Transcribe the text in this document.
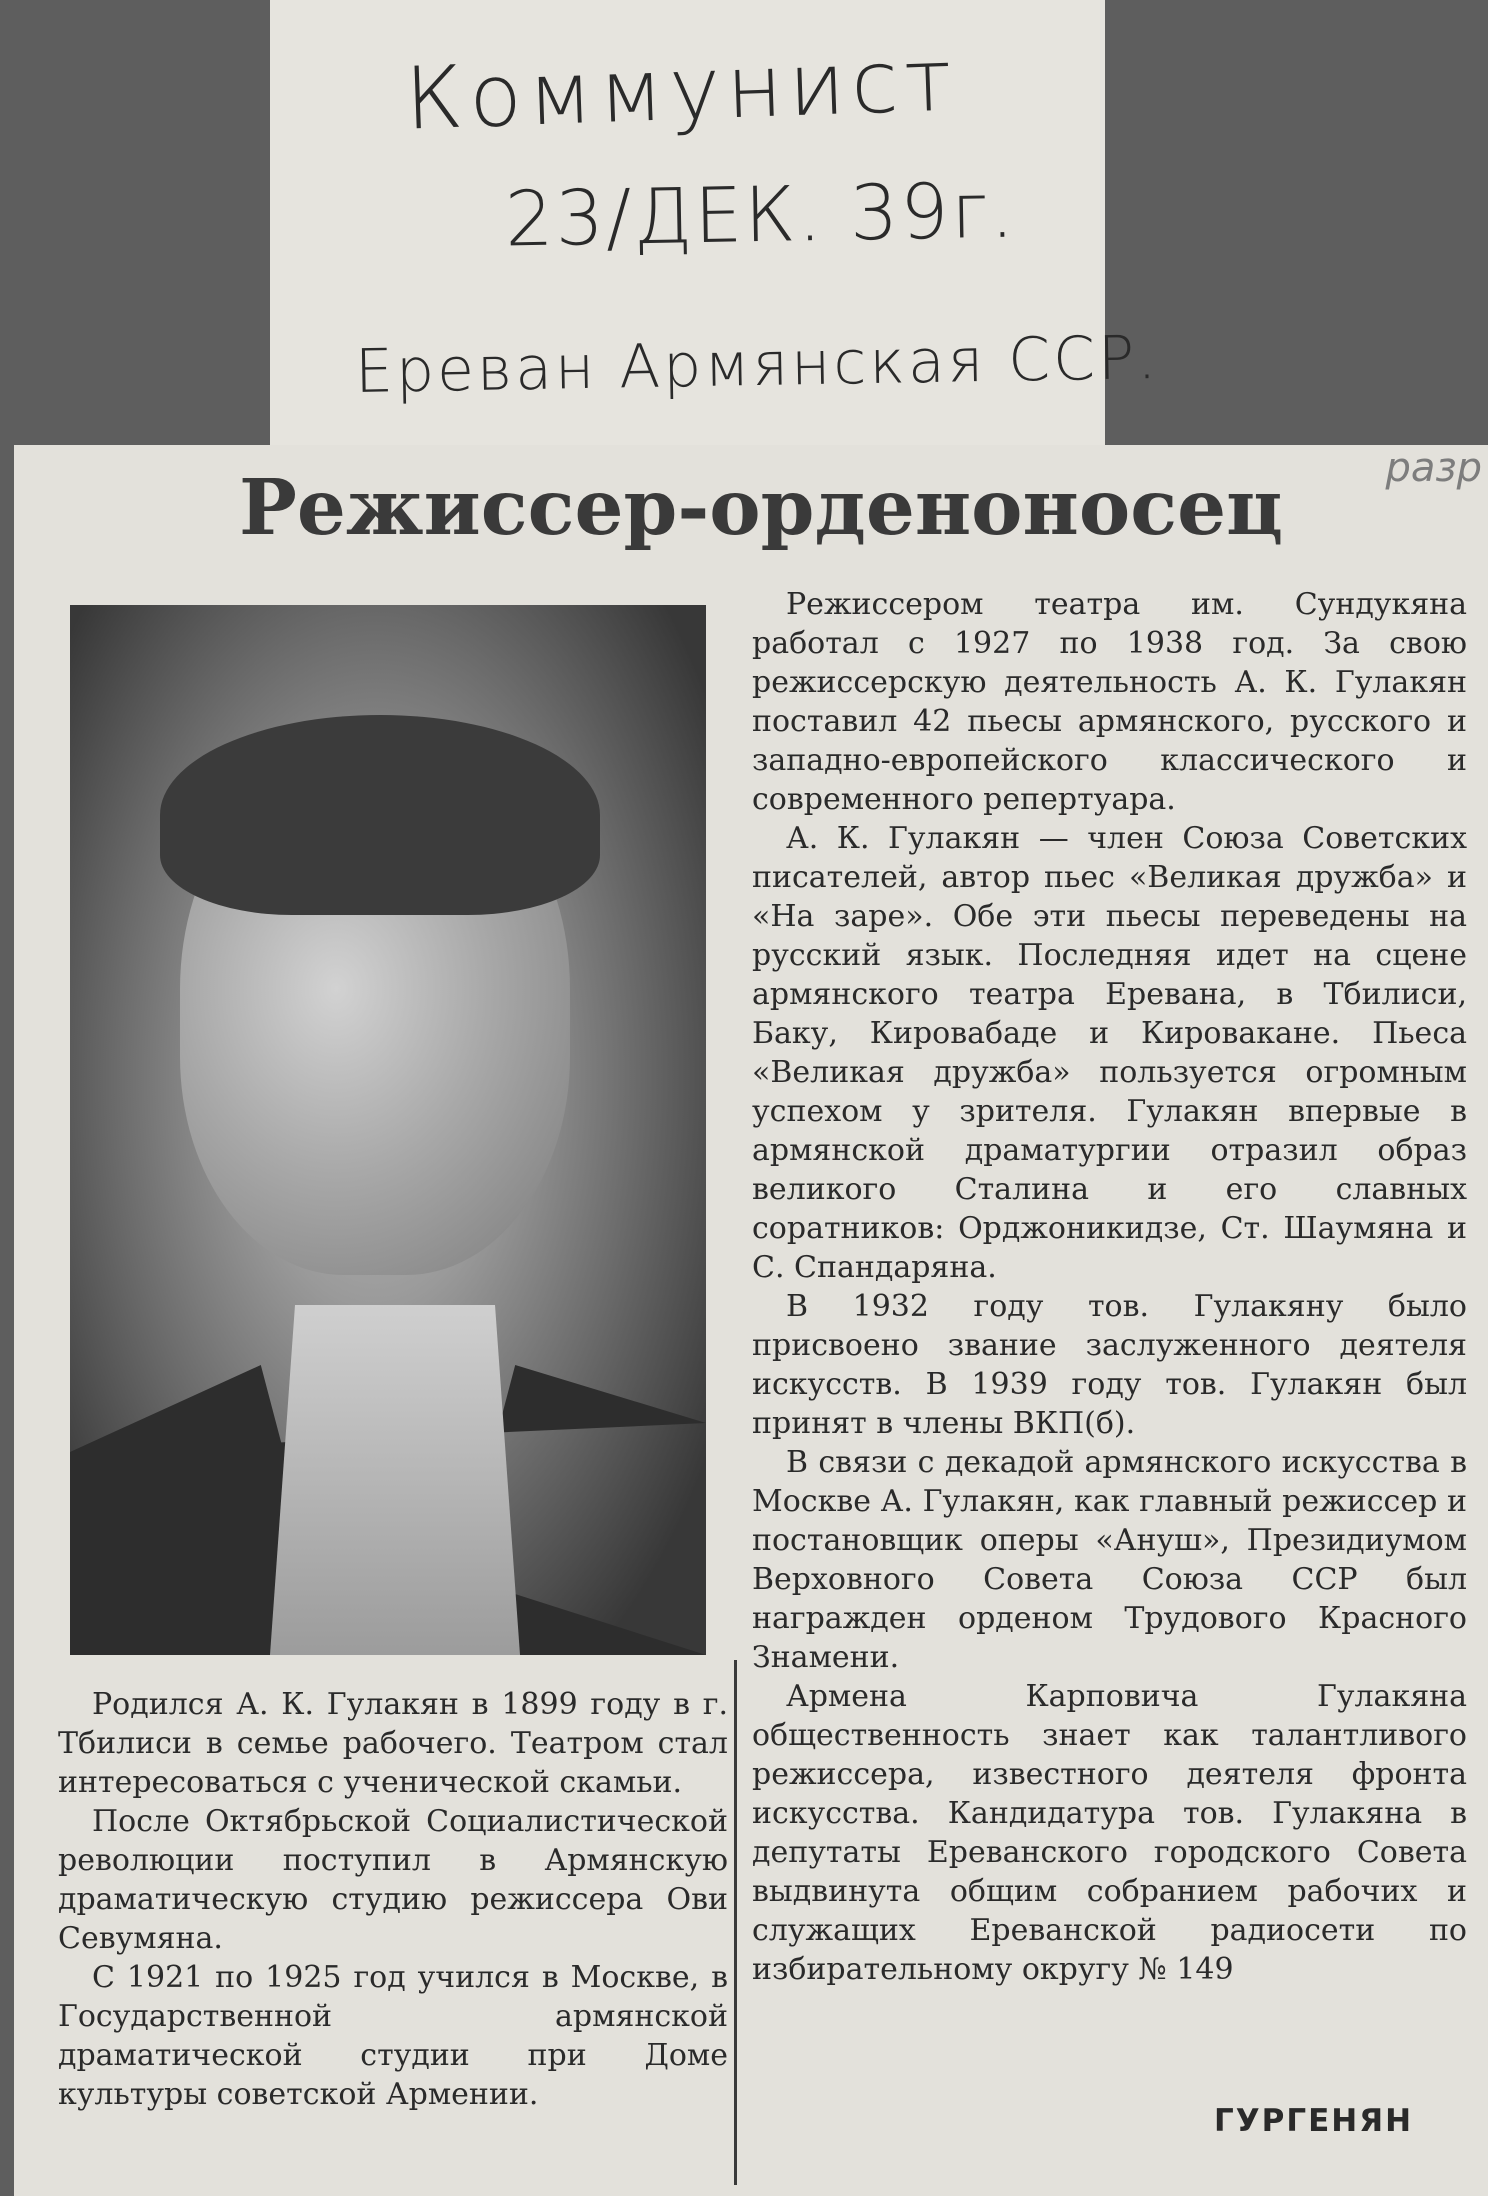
Коммунист
23/ДЕК. 39г.
Ереван Армянская ССР.
разр
Режиссер-орденоносец

Режиссером театра им. Сундукяна работал с 1927 по 1938 год. За свою режиссерскую деятельность А. К. Гулакян поставил 42 пьесы армянского, русского и западно-европейского классического и современного репертуара.

А. К. Гулакян — член Союза Советских писателей, автор пьес «Великая дружба» и «На заре». Обе эти пьесы переведены на русский язык. Последняя идет на сцене армянского театра Еревана, в Тбилиси, Баку, Кировабаде и Кировакане. Пьеса «Великая дружба» пользуется огромным успехом у зрителя. Гулакян впервые в армянской драматургии отразил образ великого Сталина и его славных соратников: Орджоникидзе, Ст. Шаумяна и С. Спандаряна.

В 1932 году тов. Гулакяну было присвоено звание заслуженного деятеля искусств. В 1939 году тов. Гулакян был принят в члены ВКП(б).

В связи с декадой армянского искусства в Москве А. Гулакян, как главный режиссер и постановщик оперы «Ануш», Президиумом Верховного Совета Союза ССР был награжден орденом Трудового Красного Знамени.

Армена Карповича Гулакяна общественность знает как талантливого режиссера, известного деятеля фронта искусства. Кандидатура тов. Гулакяна в депутаты Ереванского городского Совета выдвинута общим собранием рабочих и служащих Ереванской радиосети по избирательному округу № 149

Родился А. К. Гулакян в 1899 году в г. Тбилиси в семье рабочего. Театром стал интересоваться с ученической скамьи.

После Октябрьской Социалистической революции поступил в Армянскую драматическую студию режиссера Ови Севумяна.

С 1921 по 1925 год учился в Москве, в Государственной армянской драматической студии при Доме культуры советской Армении.

ГУРГЕНЯН
